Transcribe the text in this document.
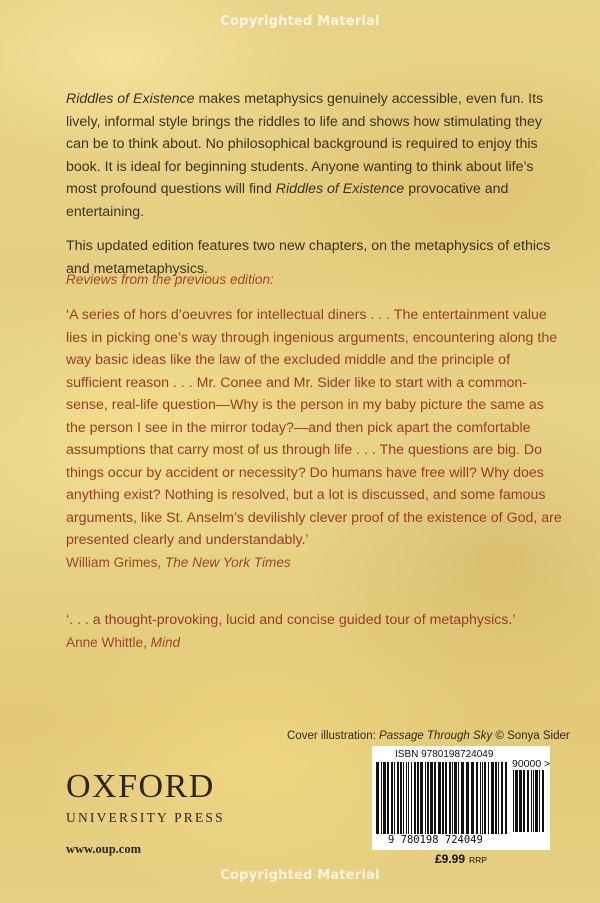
Copyrighted Material

Riddles of Existence makes metaphysics genuinely accessible, even fun. Its lively, informal style brings the riddles to life and shows how stimulating they can be to think about. No philosophical background is required to enjoy this book. It is ideal for beginning students. Anyone wanting to think about life’s most profound questions will find Riddles of Existence provocative and entertaining.

This updated edition features two new chapters, on the metaphysics of ethics and metametaphysics.

Reviews from the previous edition:
‘A series of hors d’oeuvres for intellectual diners . . . The entertainment value lies in picking one’s way through ingenious arguments, encountering along the way basic ideas like the law of the excluded middle and the principle of sufficient reason . . . Mr. Conee and Mr. Sider like to start with a common-sense, real-life question—Why is the person in my baby picture the same as the person I see in the mirror today?—and then pick apart the comfortable assumptions that carry most of us through life . . . The questions are big. Do things occur by accident or necessity? Do humans have free will? Why does anything exist? Nothing is resolved, but a lot is discussed, and some famous arguments, like St. Anselm’s devilishly clever proof of the existence of God, are presented clearly and understandably.’
William Grimes, The New York Times
‘. . . a thought-provoking, lucid and concise guided tour of metaphysics.’
Anne Whittle, Mind
Cover illustration: Passage Through Sky © Sonya Sider
OXFORD
UNIVERSITY PRESS
www.oup.com
ISBN 9780198724049
90000 >
9 780198 724049
£9.99 RRP
Copyrighted Material
